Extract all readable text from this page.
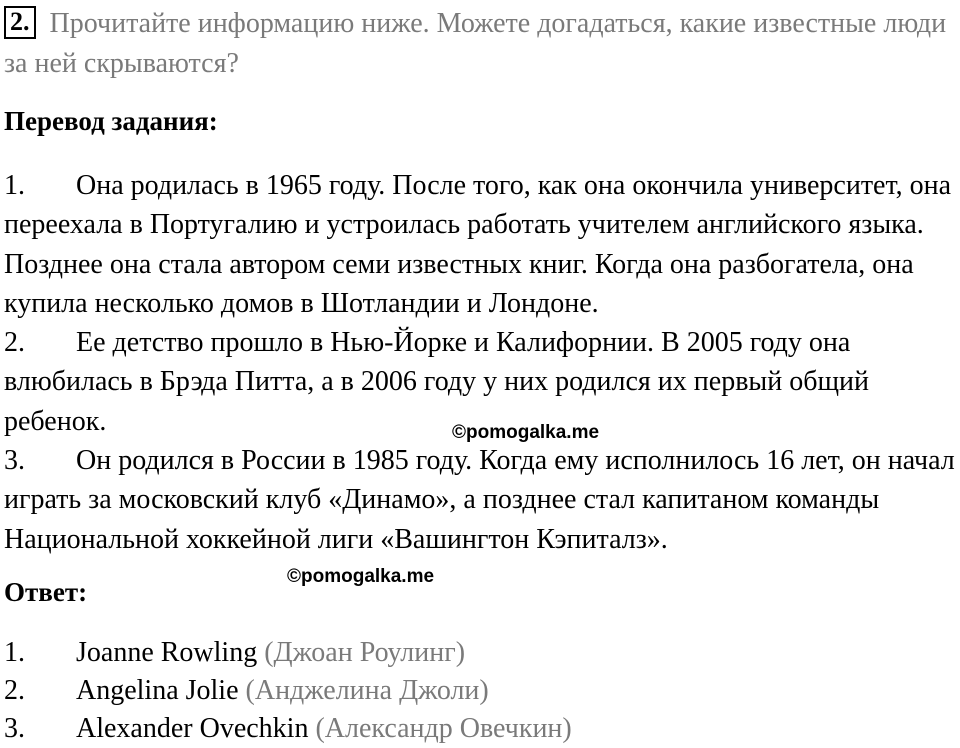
2. Прочитайте информацию ниже. Можете догадаться, какие известные люди за ней скрываются?
Перевод задания:
1. Она родилась в 1965 году. После того, как она окончила университет, она переехала в Португалию и устроилась работать учителем английского языка. Позднее она стала автором семи известных книг. Когда она разбогатела, она купила несколько домов в Шотландии и Лондоне.
2. Ее детство прошло в Нью-Йорке и Калифорнии. В 2005 году она влюбилась в Брэда Питта, а в 2006 году у них родился их первый общий ребенок.
3. Он родился в России в 1985 году. Когда ему исполнилось 16 лет, он начал играть за московский клуб «Динамо», а позднее стал капитаном команды Национальной хоккейной лиги «Вашингтон Кэпиталз».
©pomogalka.me
©pomogalka.me
Ответ:
1. Joanne Rowling (Джоан Роулинг)
2. Angelina Jolie (Анджелина Джоли)
3. Alexander Ovechkin (Александр Овечкин)
